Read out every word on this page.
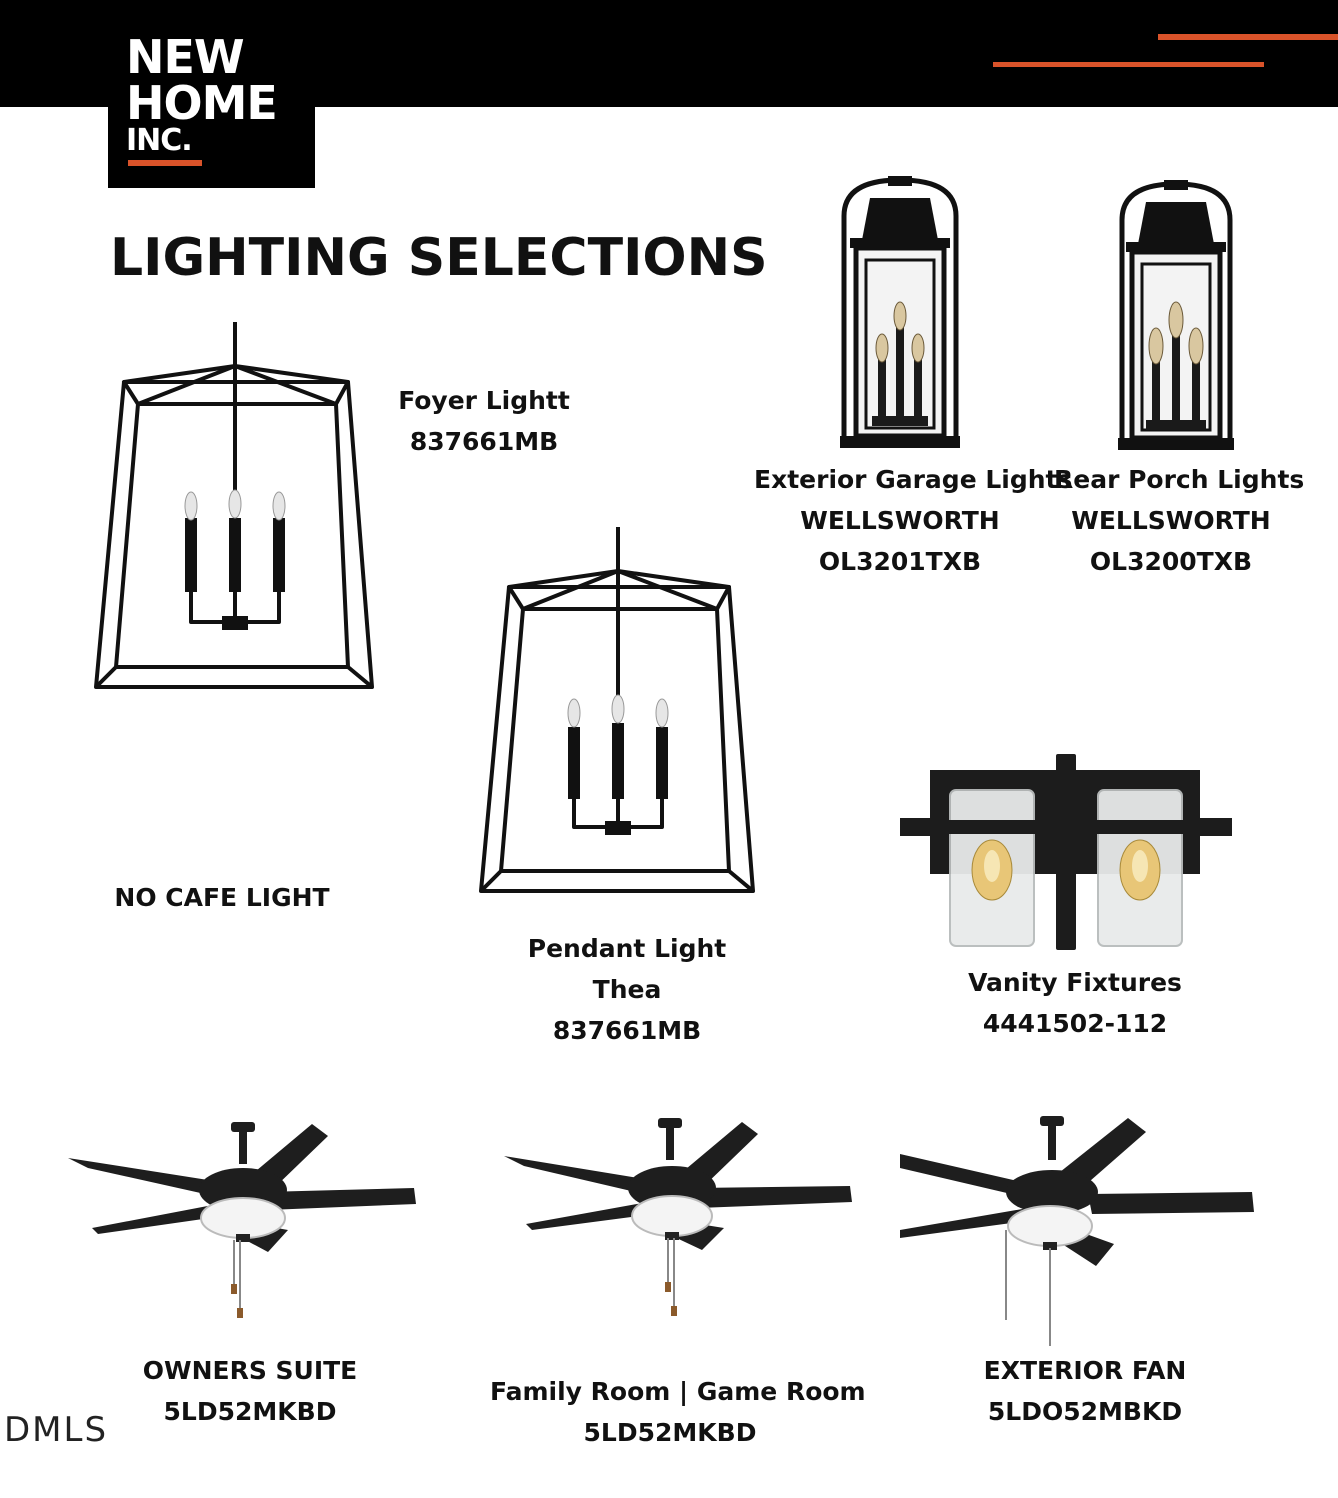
NEW
HOME
INC.
LIGHTING SELECTIONS
Foyer Lightt
837661MB
Exterior Garage Lights
WELLSWORTH
OL3201TXB
Rear Porch Lights
WELLSWORTH
OL3200TXB
NO CAFE LIGHT
Pendant Light
Thea
837661MB
Vanity Fixtures
4441502-112
OWNERS SUITE
5LD52MKBD
Family Room | Game Room
5LD52MKBD
EXTERIOR FAN
5LDO52MBKD
DMLS
